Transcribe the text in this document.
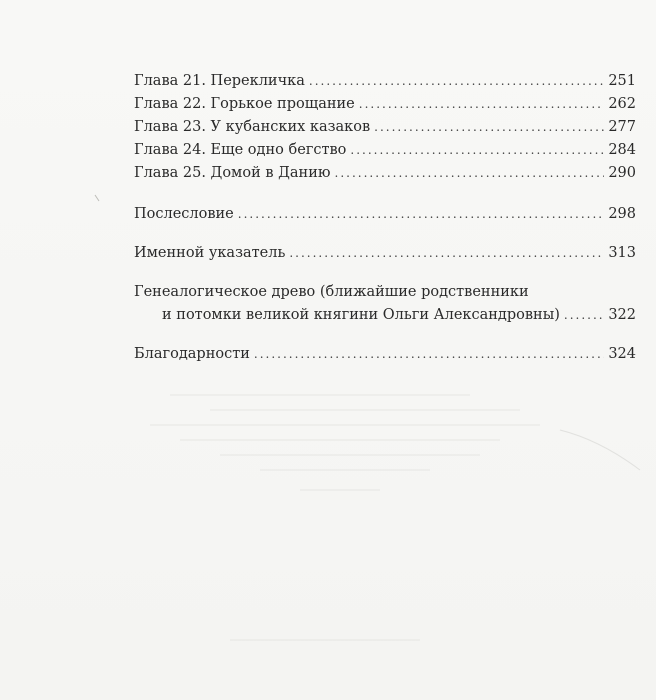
Глава 21. Перекличка .....	251
Глава 22. Горькое прощание .....	262
Глава 23. У кубанских казаков .....	277
Глава 24. Еще одно бегство .....	284
Глава 25. Домой в Данию .....	290
Послесловие .....	298
Именной указатель .....	313
Генеалогическое древо (ближайшие родственники
и потомки великой княгини Ольги Александровны) .....	322
Благодарности .....	324
